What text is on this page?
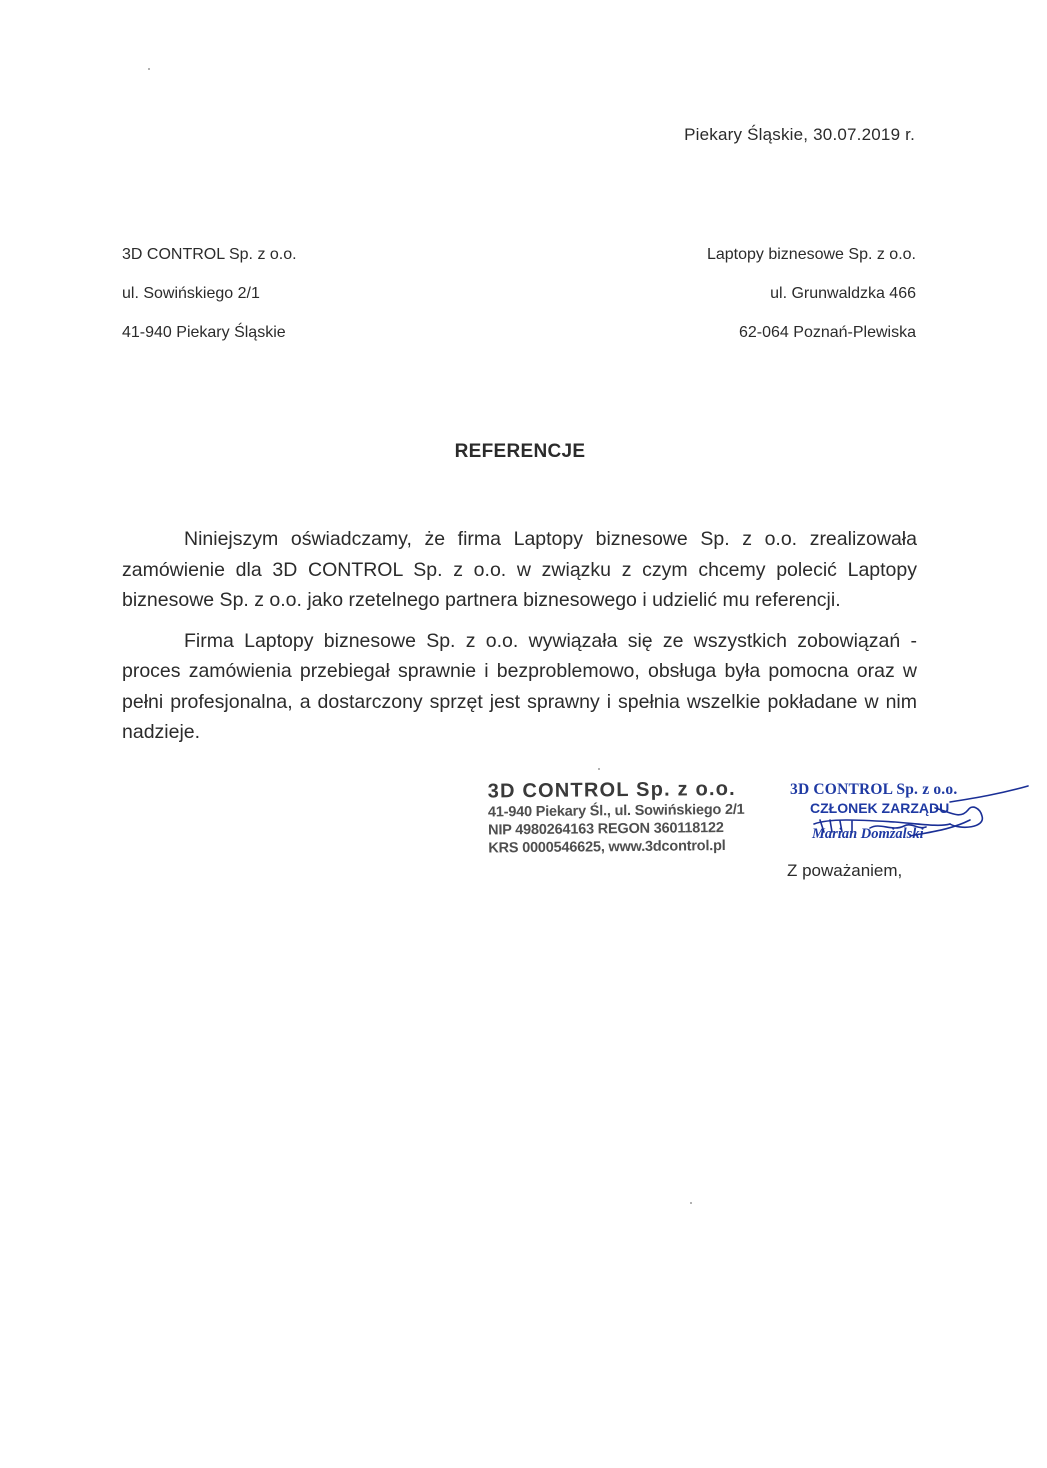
Piekary Śląskie, 30.07.2019 r.
3D CONTROL Sp. z o.o.
ul. Sowińskiego 2/1
41-940 Piekary Śląskie
Laptopy biznesowe Sp. z o.o.
ul. Grunwaldzka 466
62-064 Poznań-Plewiska
REFERENCJE

Niniejszym oświadczamy, że firma Laptopy biznesowe Sp. z o.o. zrealizowała zamówienie dla 3D CONTROL Sp. z o.o. w związku z czym chcemy polecić Laptopy biznesowe Sp. z o.o. jako rzetelnego partnera biznesowego i udzielić mu referencji.

Firma Laptopy biznesowe Sp. z o.o. wywiązała się ze wszystkich zobowiązań - proces zamówienia przebiegał sprawnie i bezproblemowo, obsługa była pomocna oraz w pełni profesjonalna, a dostarczony sprzęt jest sprawny i spełnia wszelkie pokładane w nim nadzieje.

3D CONTROL Sp. z o.o.
41-940 Piekary Śl., ul. Sowińskiego 2/1
NIP 4980264163 REGON 360118122
KRS 0000546625, www.3dcontrol.pl
3D CONTROL Sp. z o.o.
CZŁONEK ZARZĄDU
Marian Domżalski
Z poważaniem,
